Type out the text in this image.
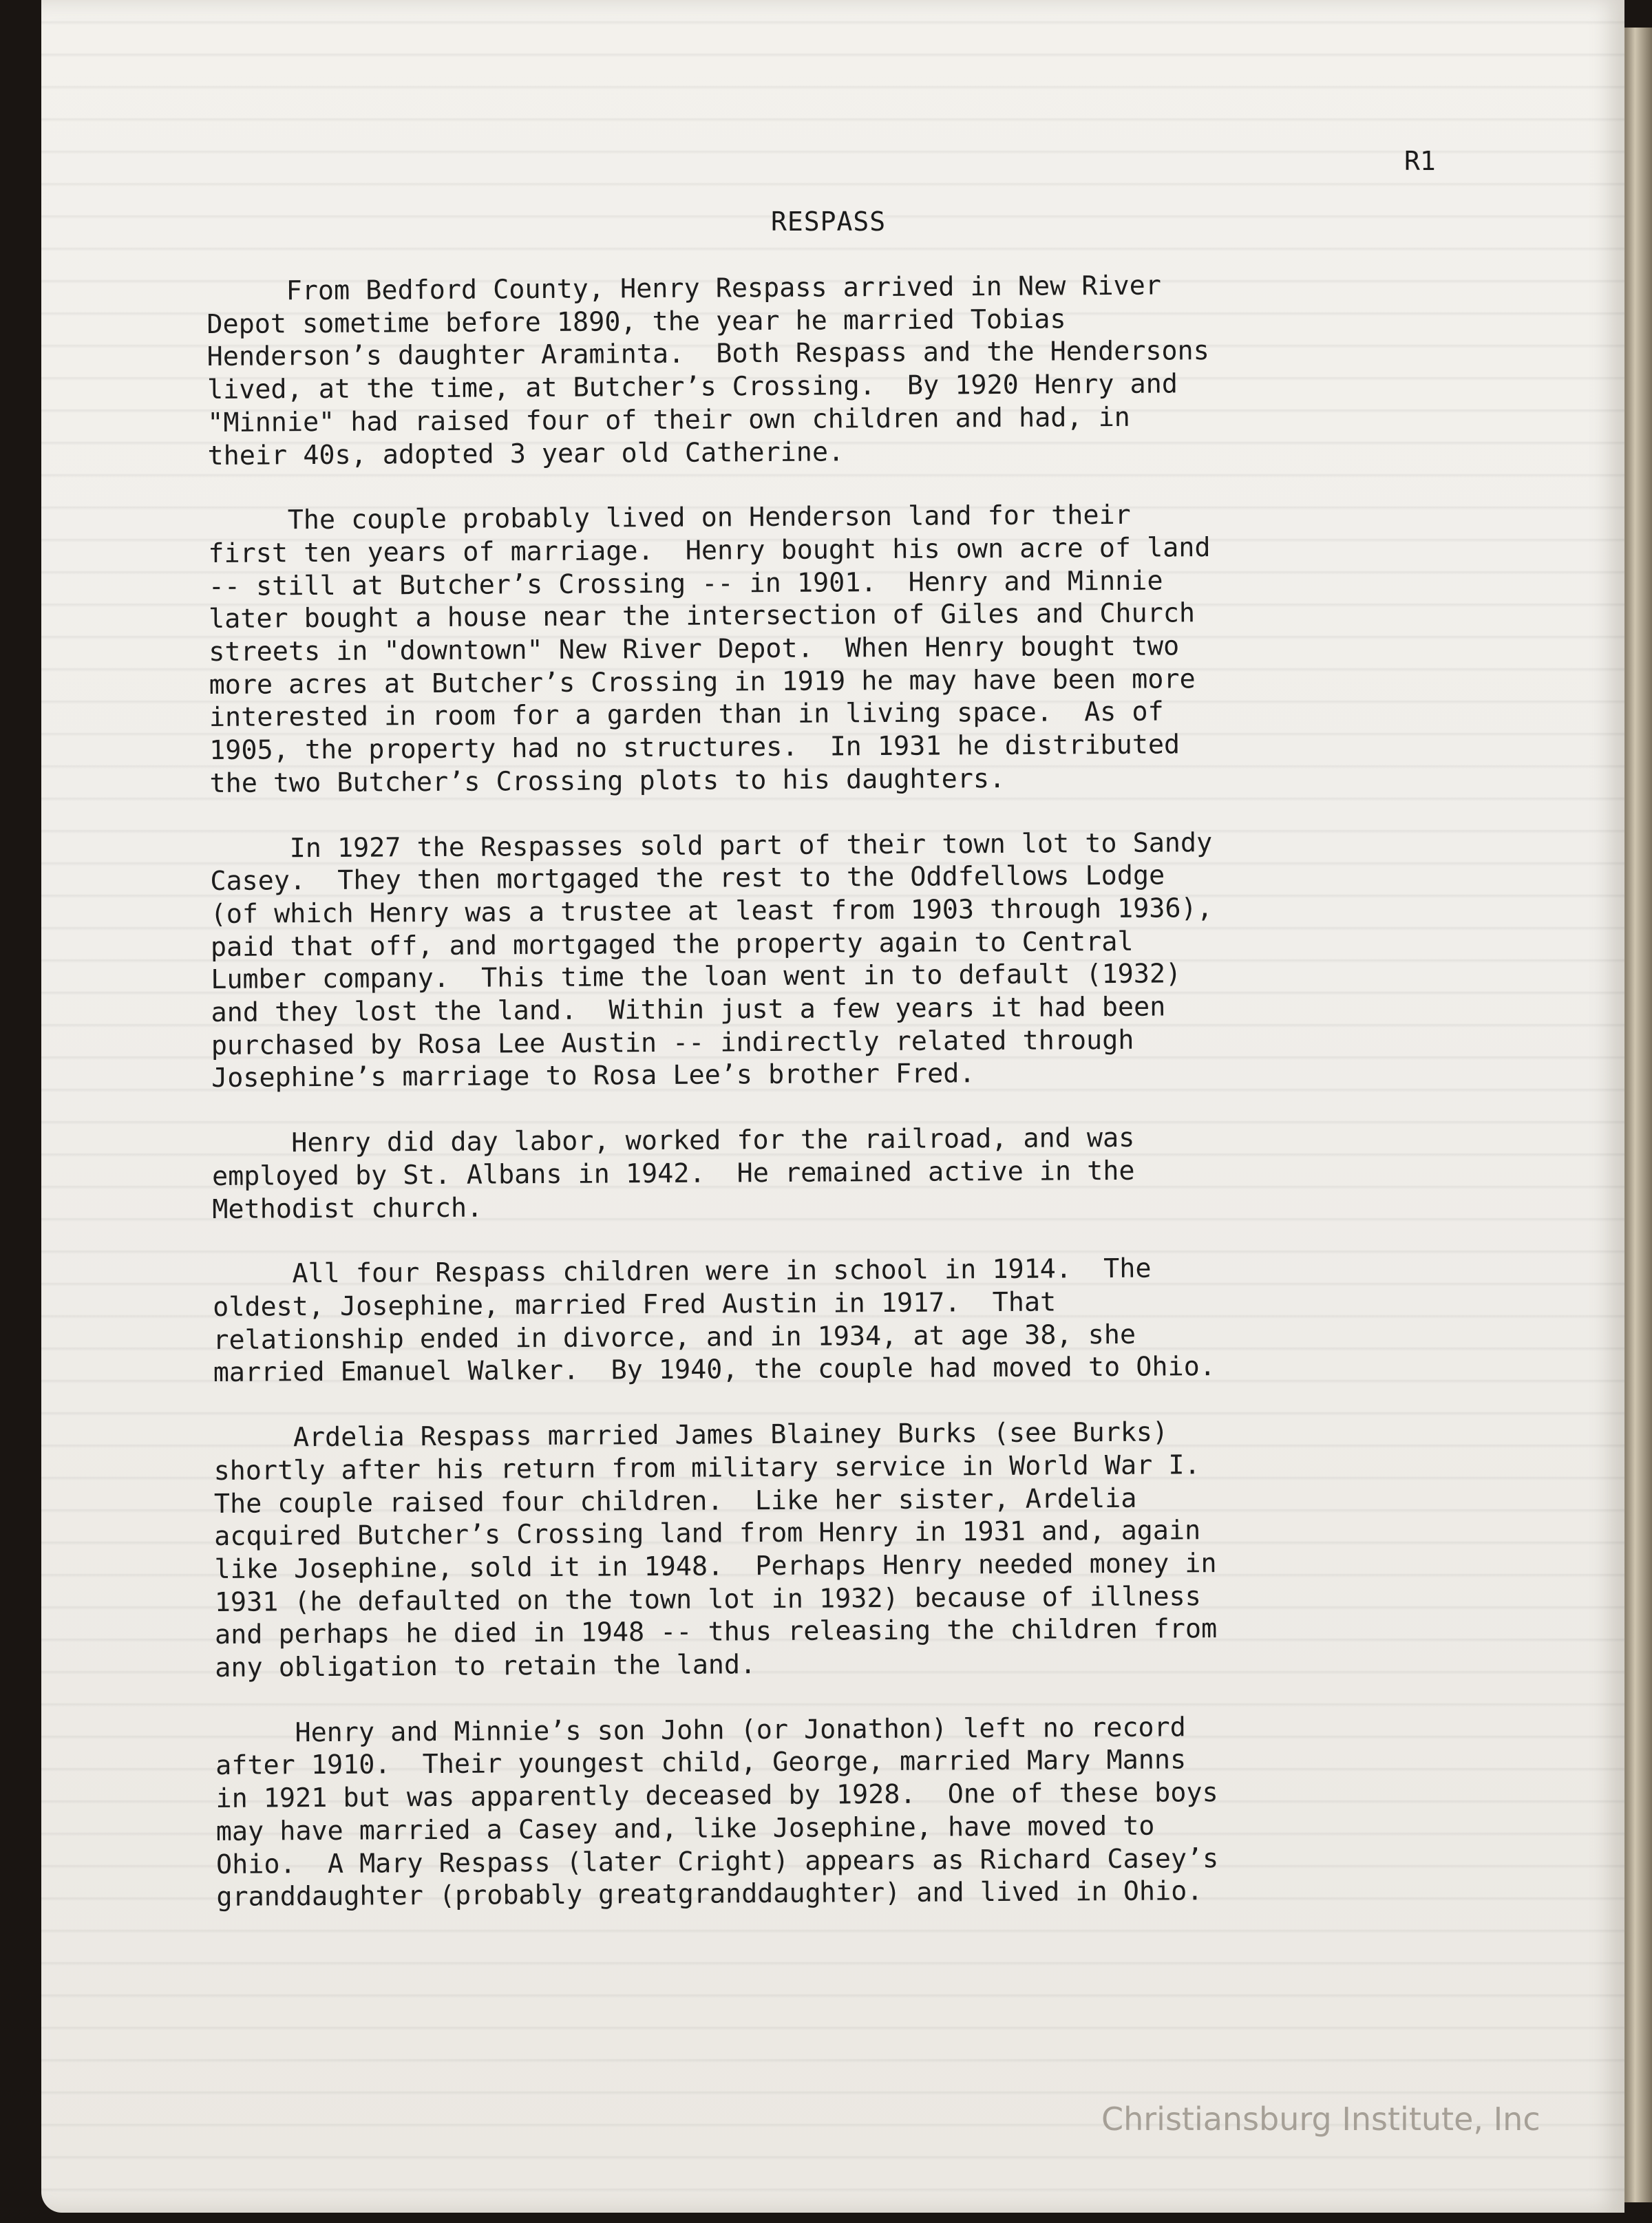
R1
RESPASS
From Bedford County, Henry Respass arrived in New River
Depot sometime before 1890, the year he married Tobias
Henderson’s daughter Araminta.  Both Respass and the Hendersons
lived, at the time, at Butcher’s Crossing.  By 1920 Henry and
"Minnie" had raised four of their own children and had, in
their 40s, adopted 3 year old Catherine.
The couple probably lived on Henderson land for their
first ten years of marriage.  Henry bought his own acre of land
-- still at Butcher’s Crossing -- in 1901.  Henry and Minnie
later bought a house near the intersection of Giles and Church
streets in "downtown" New River Depot.  When Henry bought two
more acres at Butcher’s Crossing in 1919 he may have been more
interested in room for a garden than in living space.  As of
1905, the property had no structures.  In 1931 he distributed
the two Butcher’s Crossing plots to his daughters.
In 1927 the Respasses sold part of their town lot to Sandy
Casey.  They then mortgaged the rest to the Oddfellows Lodge
(of which Henry was a trustee at least from 1903 through 1936),
paid that off, and mortgaged the property again to Central
Lumber company.  This time the loan went in to default (1932)
and they lost the land.  Within just a few years it had been
purchased by Rosa Lee Austin -- indirectly related through
Josephine’s marriage to Rosa Lee’s brother Fred.
Henry did day labor, worked for the railroad, and was
employed by St. Albans in 1942.  He remained active in the
Methodist church.
All four Respass children were in school in 1914.  The
oldest, Josephine, married Fred Austin in 1917.  That
relationship ended in divorce, and in 1934, at age 38, she
married Emanuel Walker.  By 1940, the couple had moved to Ohio.
Ardelia Respass married James Blainey Burks (see Burks)
shortly after his return from military service in World War I.
The couple raised four children.  Like her sister, Ardelia
acquired Butcher’s Crossing land from Henry in 1931 and, again
like Josephine, sold it in 1948.  Perhaps Henry needed money in
1931 (he defaulted on the town lot in 1932) because of illness
and perhaps he died in 1948 -- thus releasing the children from
any obligation to retain the land.
Henry and Minnie’s son John (or Jonathon) left no record
after 1910.  Their youngest child, George, married Mary Manns
in 1921 but was apparently deceased by 1928.  One of these boys
may have married a Casey and, like Josephine, have moved to
Ohio.  A Mary Respass (later Cright) appears as Richard Casey’s
granddaughter (probably greatgranddaughter) and lived in Ohio.
Christiansburg Institute, Inc
